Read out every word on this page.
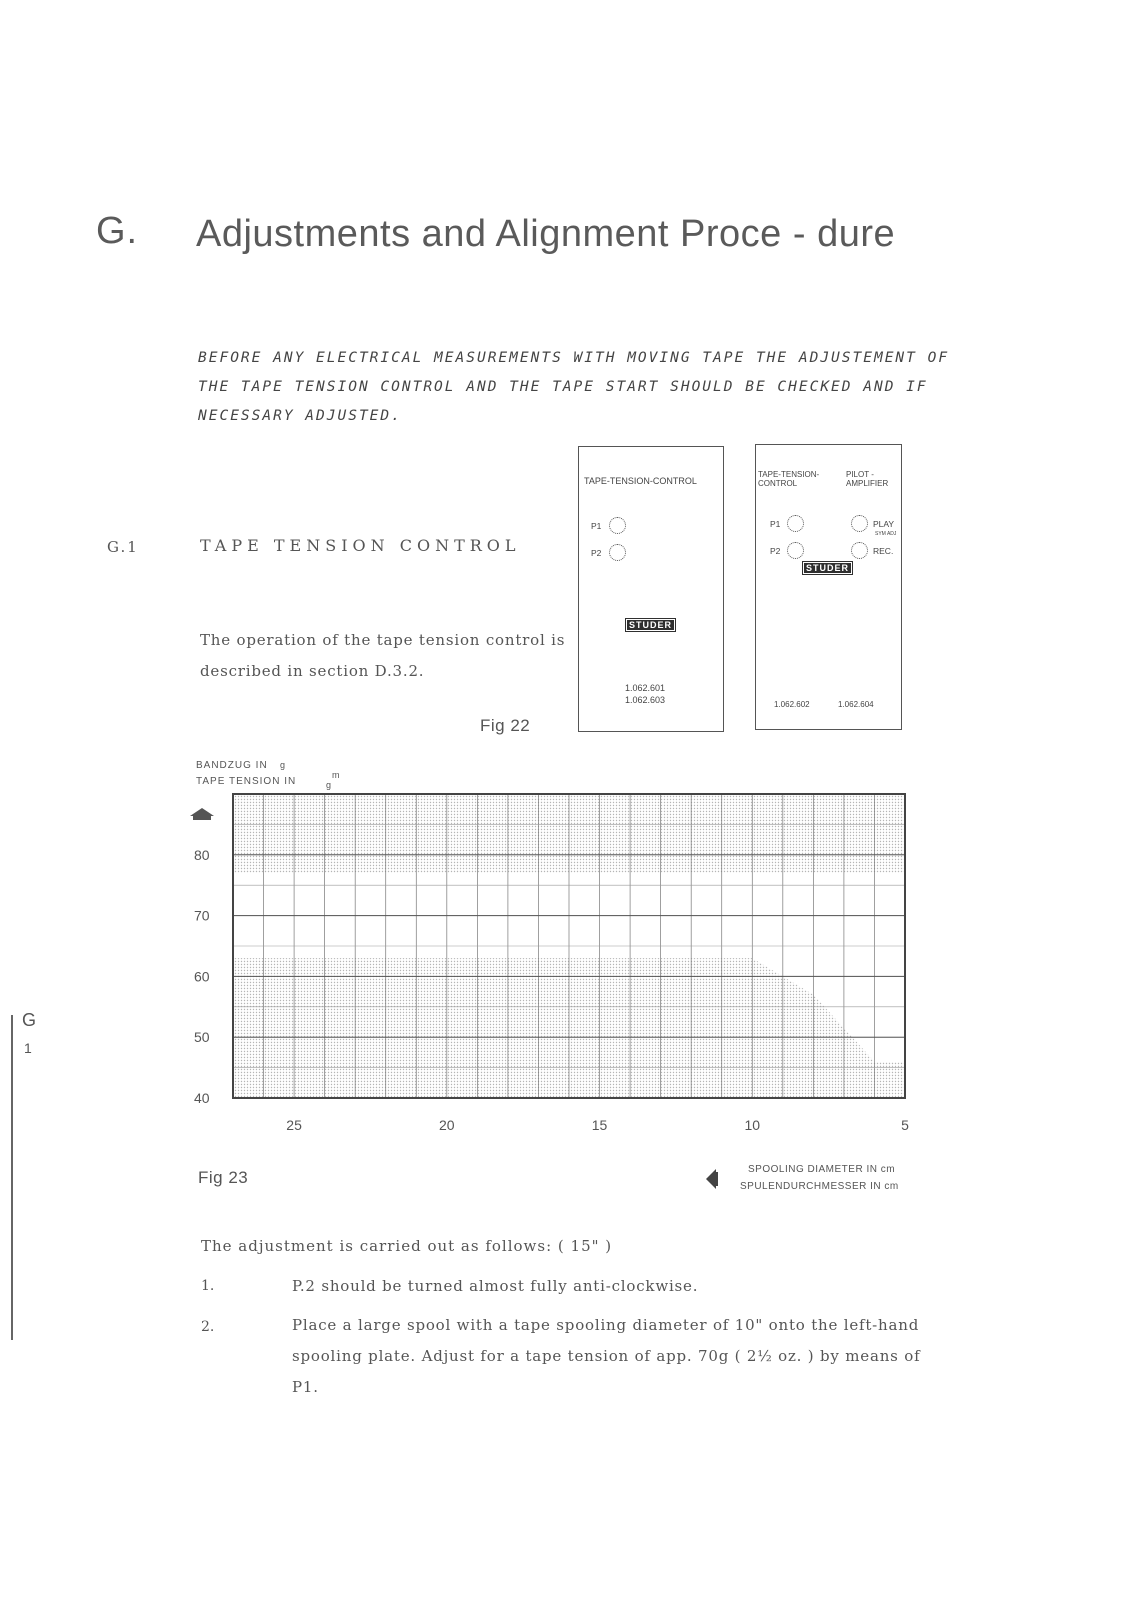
G. Adjustments and Alignment Proce - dure
BEFORE ANY ELECTRICAL MEASUREMENTS WITH MOVING TAPE THE ADJUSTEMENT OF THE TAPE TENSION CONTROL AND THE TAPE START SHOULD BE CHECKED AND IF NECESSARY ADJUSTED.
G.1	TAPE TENSION CONTROL
The operation of the tape tension control is described in section D.3.2.
TAPE-TENSION-CONTROL
P1
P2
STUDER
1.062.601
1.062.603
TAPE-TENSION- CONTROL
PILOT - AMPLIFIER
P1
P2
PLAY
SYM ADJ
REC.
STUDER
1.062.602	1.062.604
Fig 22
BANDZUG IN g
TAPE TENSION IN	g
m
80
70
60
50
40
25	20	15	10	5
Fig 23	SPOOLING DIAMETER IN cm
SPULENDURCHMESSER IN cm
G
1
The adjustment is carried out as follows: ( 15" )
1.	P.2 should be turned almost fully anti-clockwise.
2.	Place a large spool with a tape spooling diameter of 10" onto the left-hand spooling plate. Adjust for a tape tension of app. 70g ( 2½ oz. ) by means of P1.
